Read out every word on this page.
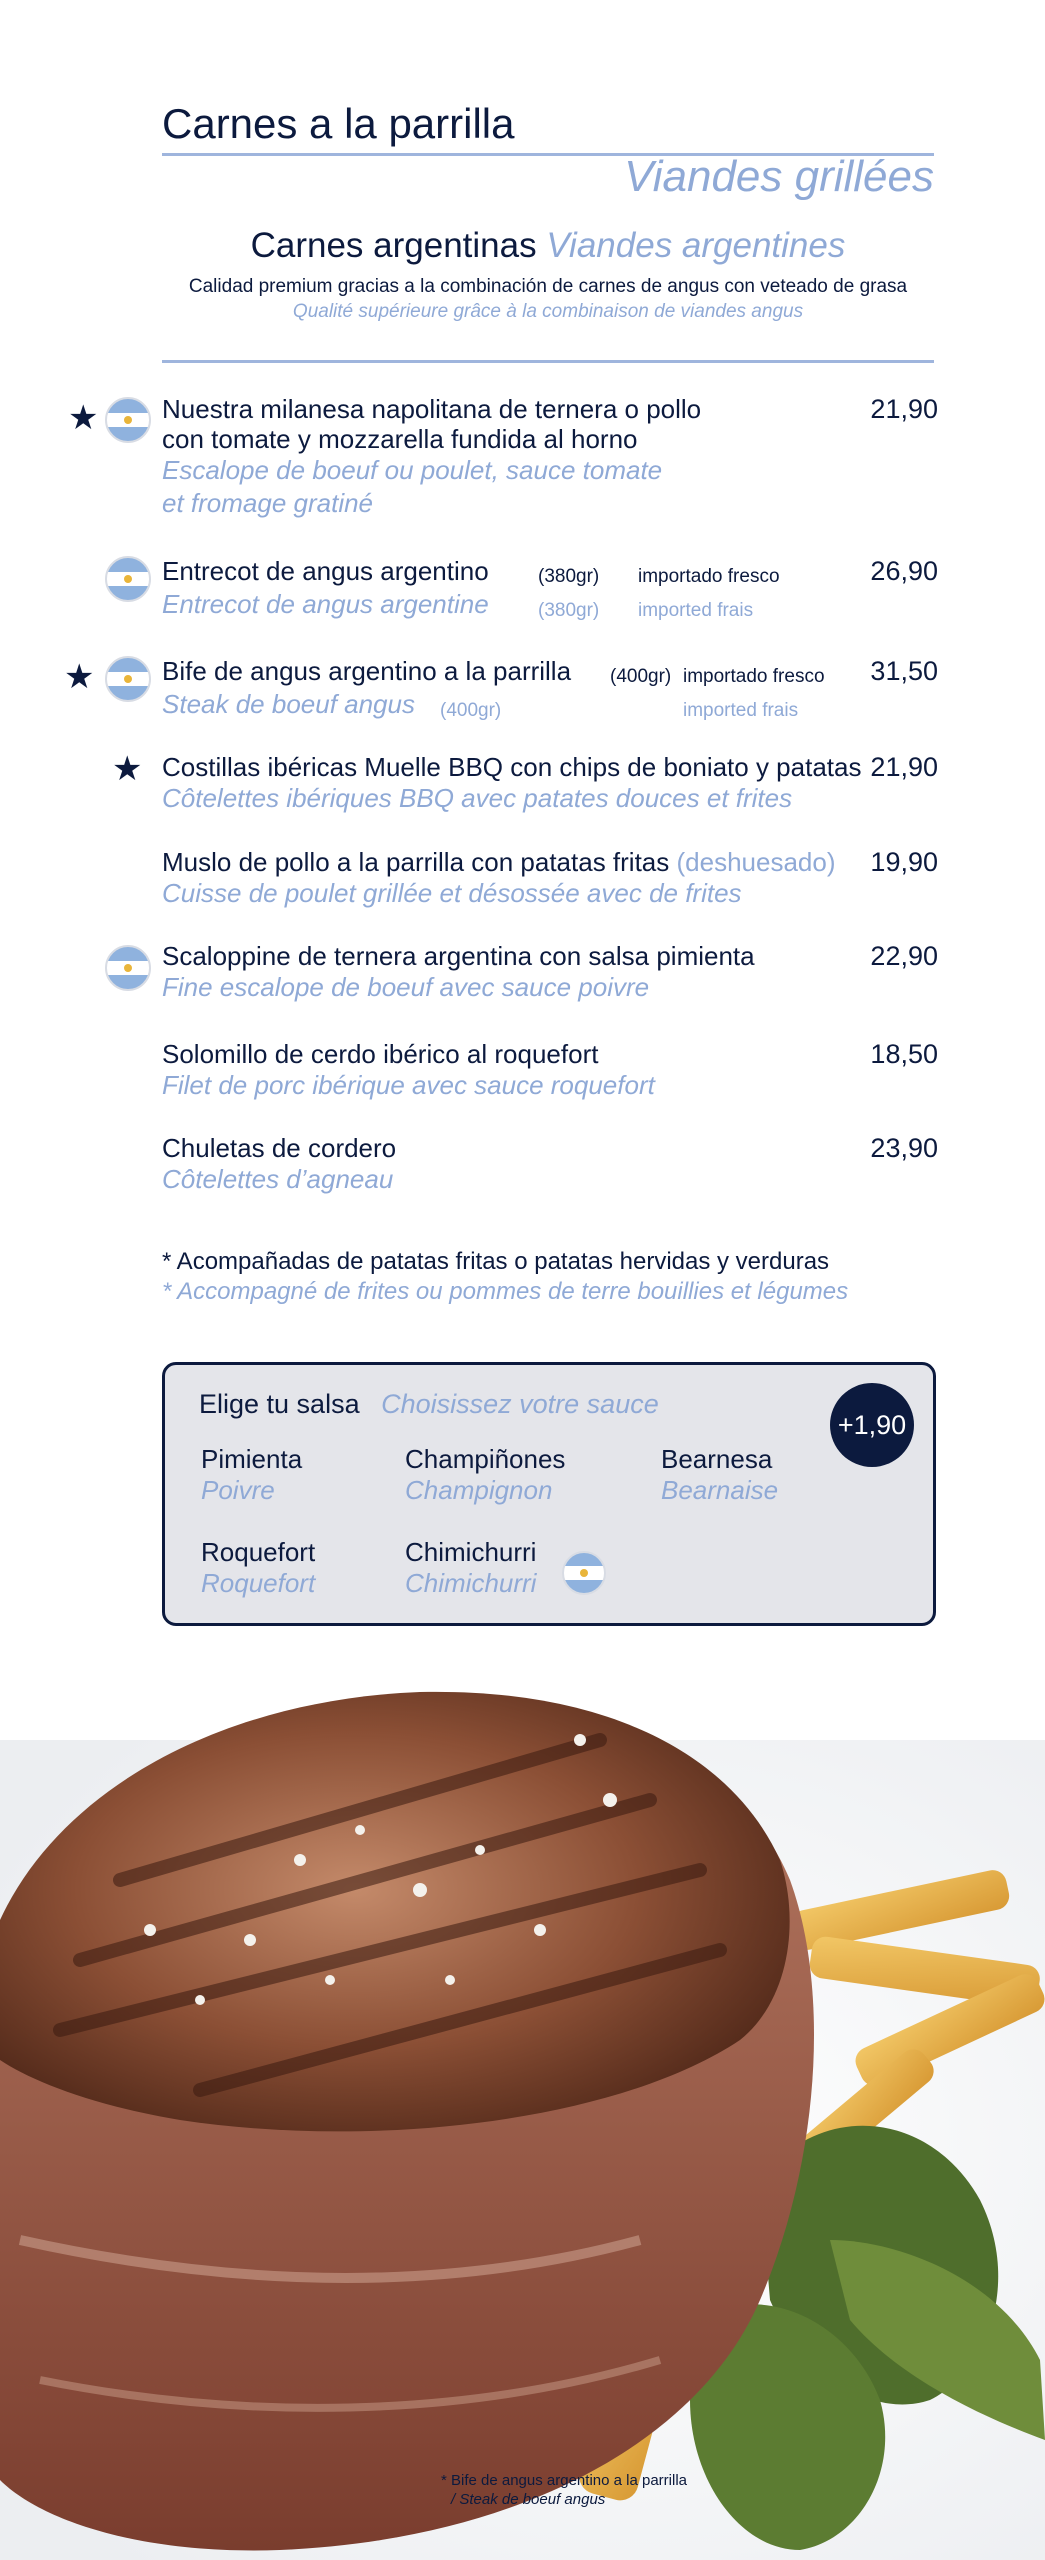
Carnes a la parrilla
Viandes grillées
Carnes argentinas Viandes argentines
Calidad premium gracias a la combinación de carnes de angus con veteado de grasa
Qualité supérieure grâce à la combinaison de viandes angus
★ Nuestra milanesa napolitana de ternera o pollo
con tomate y mozzarella fundida al horno
Escalope de boeuf ou poulet, sauce tomate
et fromage gratiné
21,90
Entrecot de angus argentino	(380gr) importado fresco
Entrecot de angus argentine	(380gr) imported frais
26,90
★	Bife de angus argentino a la parrilla (400gr) importado fresco
Steak de boeuf angus (400gr)	imported frais
31,50
★ Costillas ibéricas Muelle BBQ con chips de boniato y patatas
Côtelettes ibériques BBQ avec patates douces et frites
21,90
Muslo de pollo a la parrilla con patatas fritas (deshuesado)
Cuisse de poulet grillée et désossée avec de frites
19,90
Scaloppine de ternera argentina con salsa pimienta
Fine escalope de boeuf avec sauce poivre
22,90
Solomillo de cerdo ibérico al roquefort
Filet de porc ibérique avec sauce roquefort
18,50
Chuletas de cordero
Côtelettes d’agneau
23,90
* Acompañadas de patatas fritas o patatas hervidas y verduras
* Accompagné de frites ou pommes de terre bouillies et légumes
Elige tu salsa Choisissez votre sauce
+1,90
Pimienta
Poivre
Champiñones
Champignon
Bearnesa
Bearnaise
Roquefort
Roquefort
Chimichurri
Chimichurri
* Bife de angus argentino a la parrilla
/ Steak de boeuf angus
